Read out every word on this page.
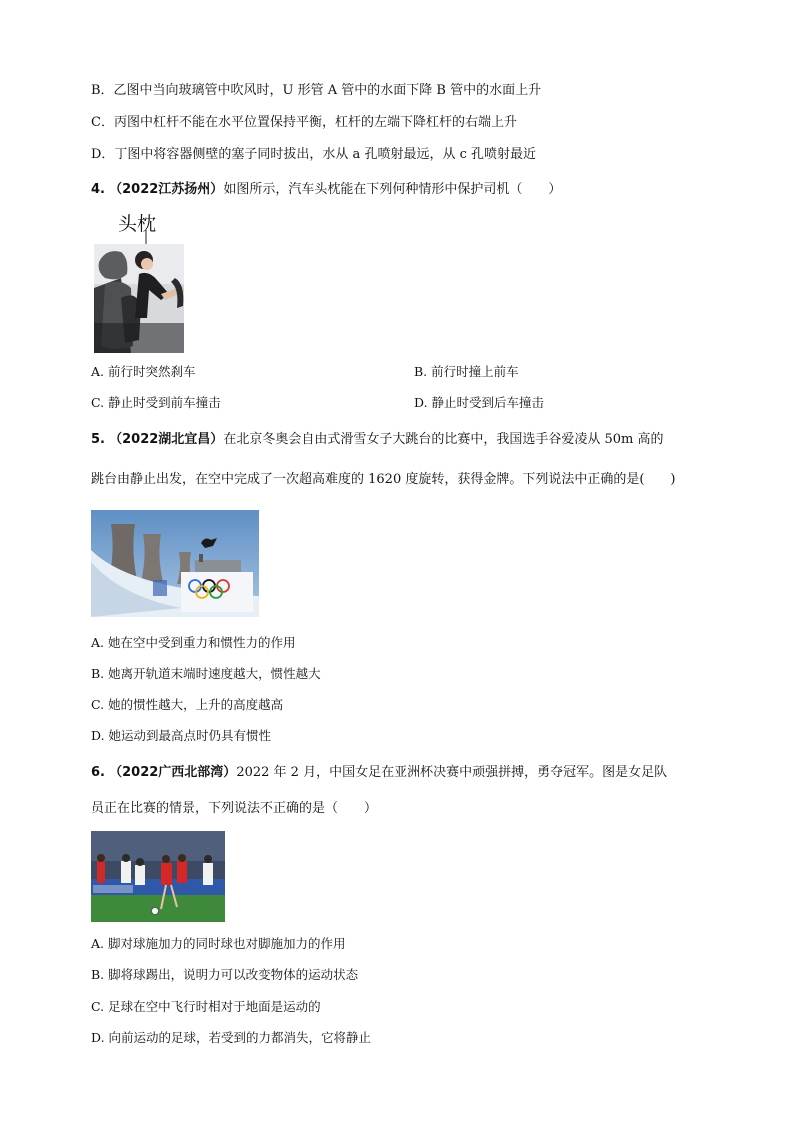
B．乙图中当向玻璃管中吹风时，U 形管 A 管中的水面下降 B 管中的水面上升
C．丙图中杠杆不能在水平位置保持平衡，杠杆的左端下降杠杆的右端上升
D．丁图中将容器侧壁的塞子同时拔出，水从 a 孔喷射最远，从 c 孔喷射最近
4. （2022江苏扬州）如图所示，汽车头枕能在下列何种情形中保护司机（　　）
头枕
A. 前行时突然刹车	B. 前行时撞上前车
C. 静止时受到前车撞击	D. 静止时受到后车撞击
5. （2022湖北宜昌）在北京冬奥会自由式滑雪女子大跳台的比赛中，我国选手谷爱凌从 50m 高的
跳台由静止出发，在空中完成了一次超高难度的 1620 度旋转，获得金牌。下列说法中正确的是(　　)
A. 她在空中受到重力和惯性力的作用
B. 她离开轨道末端时速度越大，惯性越大
C. 她的惯性越大，上升的高度越高
D. 她运动到最高点时仍具有惯性
6. （2022广西北部湾）2022 年 2 月，中国女足在亚洲杯决赛中顽强拼搏，勇夺冠军。图是女足队
员正在比赛的情景，下列说法不正确的是（　　）
A. 脚对球施加力的同时球也对脚施加力的作用
B. 脚将球踢出，说明力可以改变物体的运动状态
C. 足球在空中飞行时相对于地面是运动的
D. 向前运动的足球，若受到的力都消失，它将静止
